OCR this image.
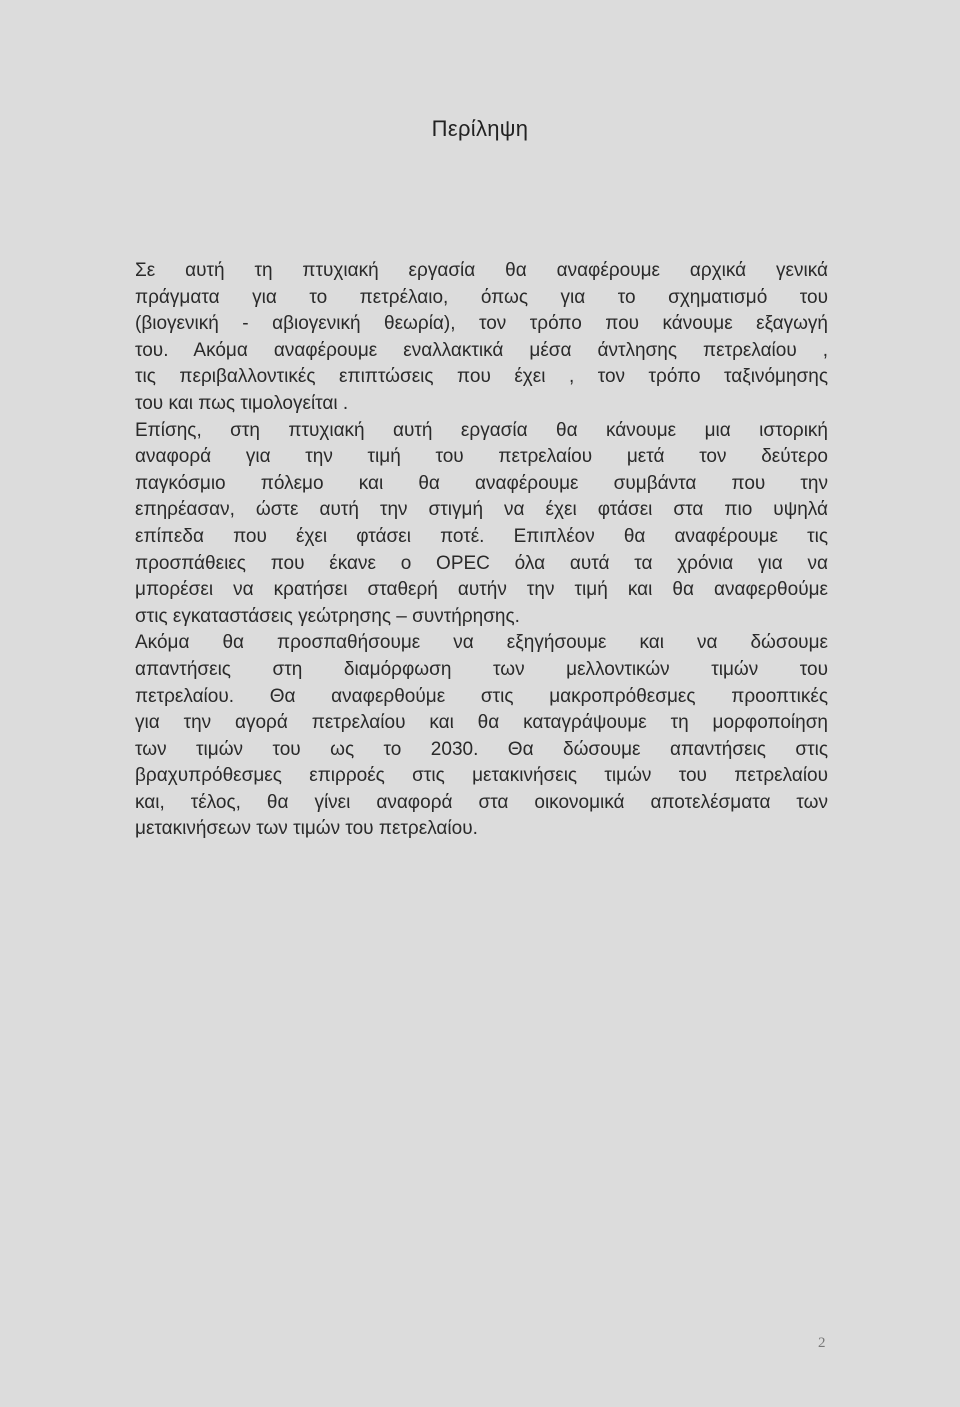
Περίληψη
Σε αυτή τη πτυχιακή εργασία θα αναφέρουμε αρχικά γενικά
πράγματα για το πετρέλαιο, όπως για το σχηματισμό του
(βιογενική - αβιογενική θεωρία), τον τρόπο που κάνουμε εξαγωγή
του. Ακόμα αναφέρουμε εναλλακτικά μέσα άντλησης πετρελαίου ,
τις περιβαλλοντικές επιπτώσεις που έχει , τον τρόπο ταξινόμησης
του και πως τιμολογείται .
Επίσης, στη πτυχιακή αυτή εργασία θα κάνουμε μια ιστορική
αναφορά για την τιμή του πετρελαίου μετά τον δεύτερο
παγκόσμιο πόλεμο και θα αναφέρουμε συμβάντα που την
επηρέασαν, ώστε αυτή την στιγμή να έχει φτάσει στα πιο υψηλά
επίπεδα που έχει φτάσει ποτέ. Επιπλέον θα αναφέρουμε τις
προσπάθειες που έκανε ο OPEC όλα αυτά τα χρόνια για να
μπορέσει να κρατήσει σταθερή αυτήν την τιμή και θα αναφερθούμε
στις εγκαταστάσεις γεώτρησης – συντήρησης.
Ακόμα θα προσπαθήσουμε να εξηγήσουμε και να δώσουμε
απαντήσεις στη διαμόρφωση των μελλοντικών τιμών του
πετρελαίου. Θα αναφερθούμε στις μακροπρόθεσμες προοπτικές
για την αγορά πετρελαίου και θα καταγράψουμε τη μορφοποίηση
των τιμών του ως το 2030. Θα δώσουμε απαντήσεις στις
βραχυπρόθεσμες επιρροές στις μετακινήσεις τιμών του πετρελαίου
και, τέλος, θα γίνει αναφορά στα οικονομικά αποτελέσματα των
μετακινήσεων των τιμών του πετρελαίου.
2
